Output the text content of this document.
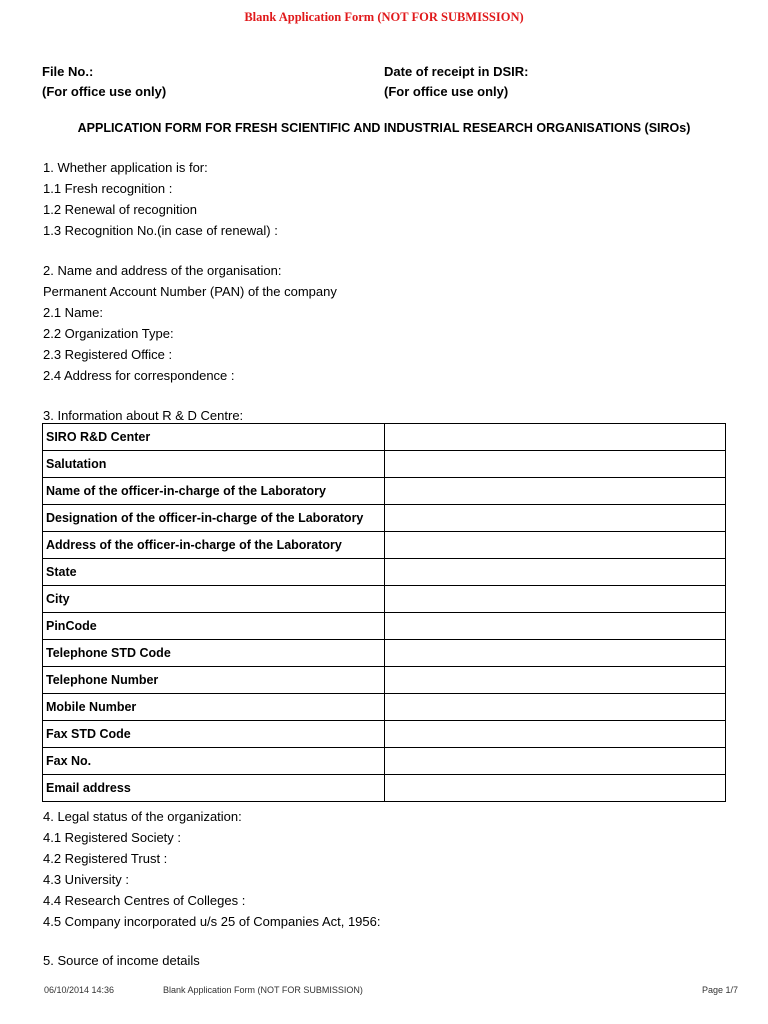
Blank Application Form (NOT FOR SUBMISSION)
File No.:
(For office use only)
Date of receipt in DSIR:
(For office use only)
APPLICATION FORM FOR FRESH SCIENTIFIC AND INDUSTRIAL RESEARCH ORGANISATIONS (SIROs)
1. Whether application is for:
1.1 Fresh recognition :
1.2 Renewal of recognition
1.3 Recognition No.(in case of renewal) :
2. Name and address of the organisation:
Permanent Account Number (PAN) of the company
2.1 Name:
2.2 Organization Type:
2.3 Registered Office :
2.4 Address for correspondence :
3. Information about R & D Centre:
SIRO R&D Center	
Salutation	
Name of the officer-in-charge of the Laboratory	
Designation of the officer-in-charge of the Laboratory	
Address of the officer-in-charge of the Laboratory	
State	
City	
PinCode	
Telephone STD Code	
Telephone Number	
Mobile Number	
Fax STD Code	
Fax No.	
Email address	
4. Legal status of the organization:
4.1 Registered Society :
4.2 Registered Trust :
4.3 University :
4.4 Research Centres of Colleges :
4.5 Company incorporated u/s 25 of Companies Act, 1956:
5. Source of income details
06/10/2014 14:36	Blank Application Form (NOT FOR SUBMISSION)	Page 1/7
